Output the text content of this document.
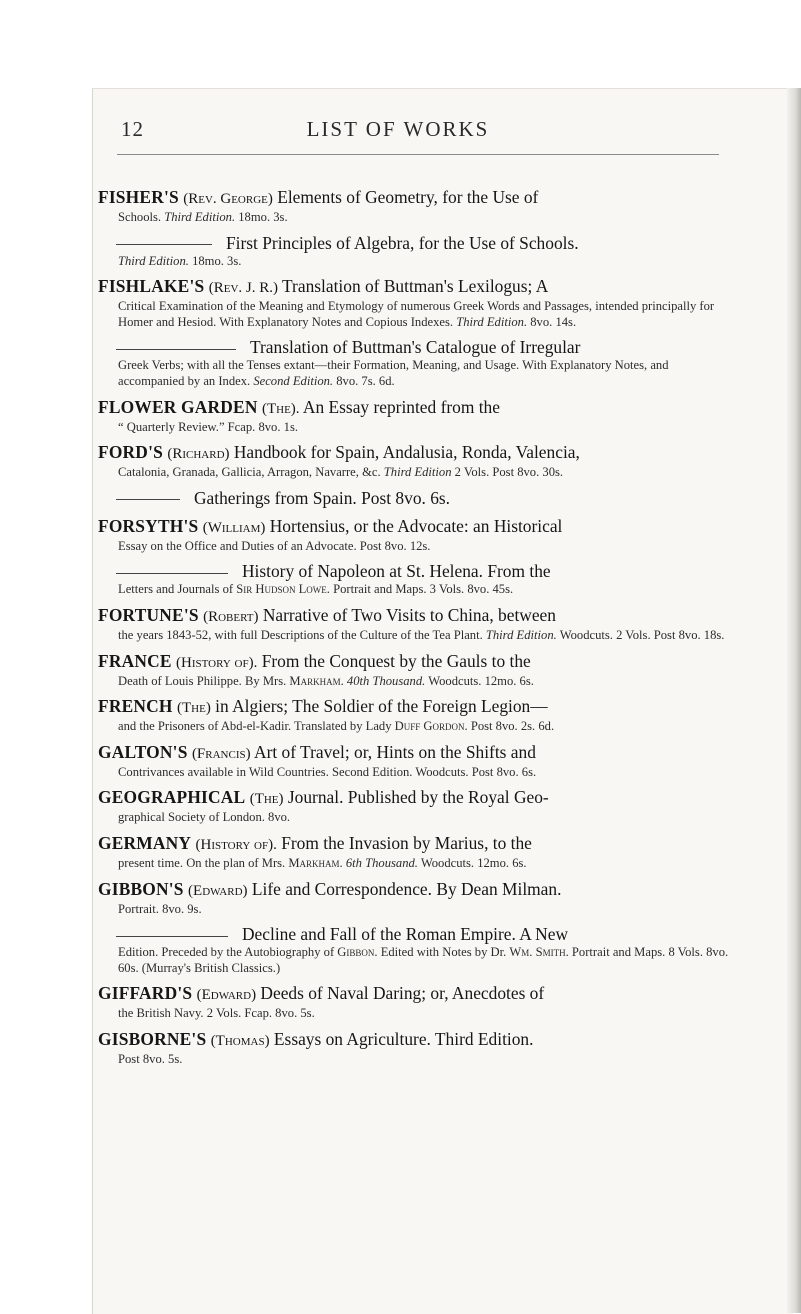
12	LIST OF WORKS
FISHER'S (Rev. George) Elements of Geometry, for the Use of
Schools. Third Edition. 18mo. 3s.
First Principles of Algebra, for the Use of Schools.
Third Edition. 18mo. 3s.
FISHLAKE'S (Rev. J. R.) Translation of Buttman's Lexilogus; A
Critical Examination of the Meaning and Etymology of numerous Greek Words and Passages, intended principally for Homer and Hesiod. With Explanatory Notes and Copious Indexes. Third Edition. 8vo. 14s.
Translation of Buttman's Catalogue of Irregular
Greek Verbs; with all the Tenses extant—their Formation, Meaning, and Usage. With Explanatory Notes, and accompanied by an Index. Second Edition. 8vo. 7s. 6d.
FLOWER GARDEN (The). An Essay reprinted from the
“ Quarterly Review.” Fcap. 8vo. 1s.
FORD'S (Richard) Handbook for Spain, Andalusia, Ronda, Valencia,
Catalonia, Granada, Gallicia, Arragon, Navarre, &c. Third Edition 2 Vols. Post 8vo. 30s.
Gatherings from Spain. Post 8vo. 6s.
FORSYTH'S (William) Hortensius, or the Advocate: an Historical
Essay on the Office and Duties of an Advocate. Post 8vo. 12s.
History of Napoleon at St. Helena. From the
Letters and Journals of Sir Hudson Lowe. Portrait and Maps. 3 Vols. 8vo. 45s.
FORTUNE'S (Robert) Narrative of Two Visits to China, between
the years 1843-52, with full Descriptions of the Culture of the Tea Plant. Third Edition. Woodcuts. 2 Vols. Post 8vo. 18s.
FRANCE (History of). From the Conquest by the Gauls to the
Death of Louis Philippe. By Mrs. Markham. 40th Thousand. Woodcuts. 12mo. 6s.
FRENCH (The) in Algiers; The Soldier of the Foreign Legion—
and the Prisoners of Abd-el-Kadir. Translated by Lady Duff Gordon. Post 8vo. 2s. 6d.
GALTON'S (Francis) Art of Travel; or, Hints on the Shifts and
Contrivances available in Wild Countries. Second Edition. Woodcuts. Post 8vo. 6s.
GEOGRAPHICAL (The) Journal. Published by the Royal Geo-
graphical Society of London. 8vo.
GERMANY (History of). From the Invasion by Marius, to the
present time. On the plan of Mrs. Markham. 6th Thousand. Woodcuts. 12mo. 6s.
GIBBON'S (Edward) Life and Correspondence. By Dean Milman.
Portrait. 8vo. 9s.
Decline and Fall of the Roman Empire. A New
Edition. Preceded by the Autobiography of Gibbon. Edited with Notes by Dr. Wm. Smith. Portrait and Maps. 8 Vols. 8vo. 60s. (Murray's British Classics.)
GIFFARD'S (Edward) Deeds of Naval Daring; or, Anecdotes of
the British Navy. 2 Vols. Fcap. 8vo. 5s.
GISBORNE'S (Thomas) Essays on Agriculture. Third Edition.
Post 8vo. 5s.
